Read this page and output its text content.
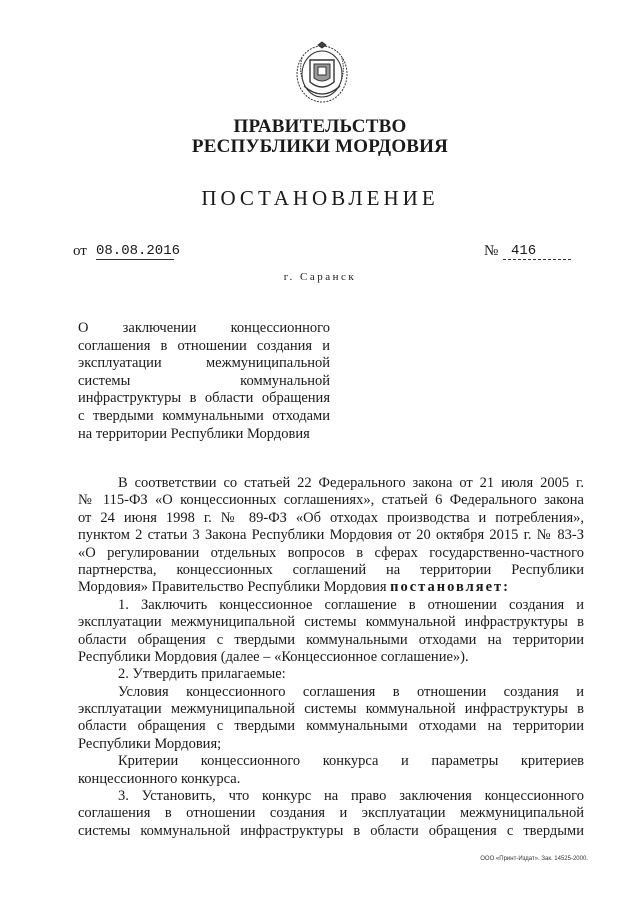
ПРАВИТЕЛЬСТВО
РЕСПУБЛИКИ МОРДОВИЯ
ПОСТАНОВЛЕНИЕ
от 08.08.2016	№ 416
г. Саранск
О заключении концессионного
соглашения в отношении создания и
эксплуатации межмуниципальной
системы коммунальной
инфраструктуры в области обращения
с твердыми коммунальными отходами
на территории Республики Мордовия
В соответствии со статьей 22 Федерального закона от 21 июля 2005 г.
№ 115-ФЗ «О концессионных соглашениях», статьей 6 Федерального закона
от 24 июня 1998 г. № 89-ФЗ «Об отходах производства и потребления»,
пунктом 2 статьи 3 Закона Республики Мордовия от 20 октября 2015 г. № 83-З
«О регулировании отдельных вопросов в сферах государственно-частного
партнерства, концессионных соглашений на территории Республики
Мордовия» Правительство Республики Мордовия постановляет:
1. Заключить концессионное соглашение в отношении создания и
эксплуатации межмуниципальной системы коммунальной инфраструктуры в
области обращения с твердыми коммунальными отходами на территории
Республики Мордовия (далее – «Концессионное соглашение»).
2. Утвердить прилагаемые:
Условия концессионного соглашения в отношении создания и
эксплуатации межмуниципальной системы коммунальной инфраструктуры в
области обращения с твердыми коммунальными отходами на территории
Республики Мордовия;
Критерии концессионного конкурса и параметры критериев
концессионного конкурса.
3. Установить, что конкурс на право заключения концессионного
соглашения в отношении создания и эксплуатации межмуниципальной
системы коммунальной инфраструктуры в области обращения с твердыми
ООО «Принт-Издат». Зак. 14525-2000.
